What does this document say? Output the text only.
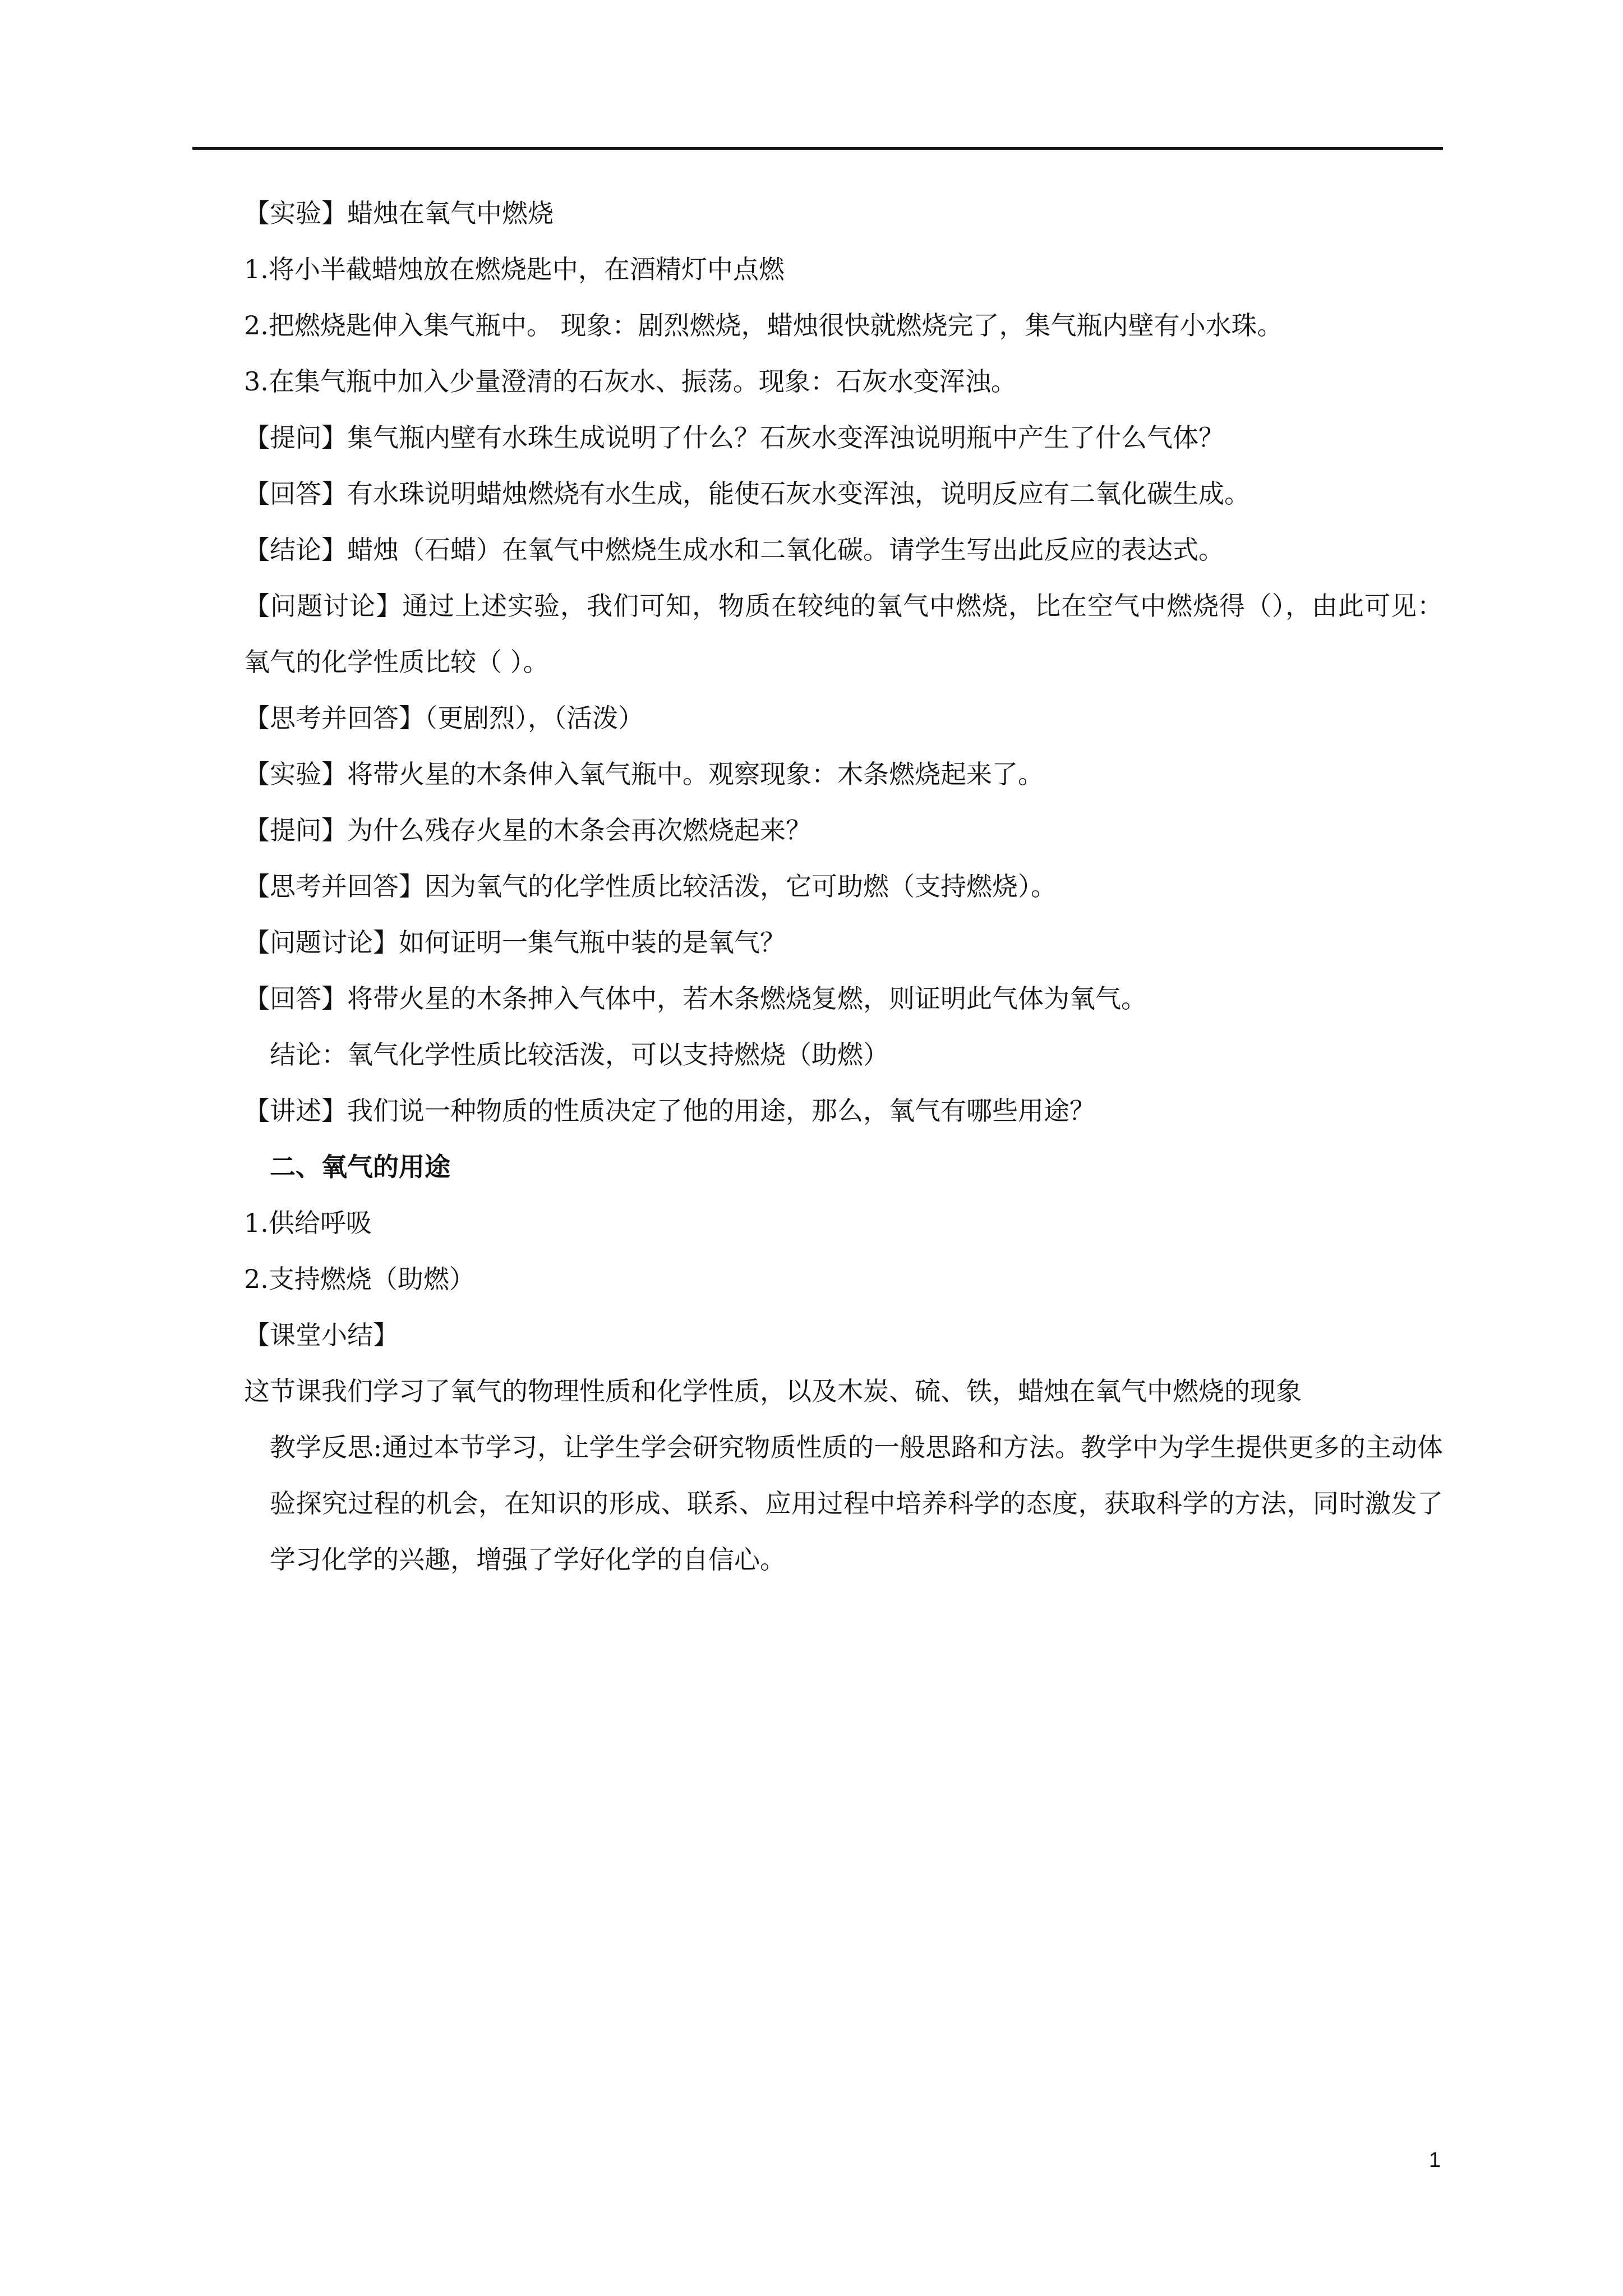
【实验】蜡烛在氧气中燃烧

1.将小半截蜡烛放在燃烧匙中，在酒精灯中点燃

2.把燃烧匙伸入集气瓶中。 现象：剧烈燃烧，蜡烛很快就燃烧完了，集气瓶内壁有小水珠。

3.在集气瓶中加入少量澄清的石灰水、振荡。现象：石灰水变浑浊。

【提问】集气瓶内壁有水珠生成说明了什么？石灰水变浑浊说明瓶中产生了什么气体？

【回答】有水珠说明蜡烛燃烧有水生成，能使石灰水变浑浊，说明反应有二氧化碳生成。

【结论】蜡烛（石蜡）在氧气中燃烧生成水和二氧化碳。请学生写出此反应的表达式。

【问题讨论】通过上述实验，我们可知，物质在较纯的氧气中燃烧，比在空气中燃烧得（），由此可见：氧气的化学性质比较（ ）。

【思考并回答】（更剧烈），（活泼）

【实验】将带火星的木条伸入氧气瓶中。观察现象：木条燃烧起来了。

【提问】为什么残存火星的木条会再次燃烧起来？

【思考并回答】因为氧气的化学性质比较活泼，它可助燃（支持燃烧）。

【问题讨论】如何证明一集气瓶中装的是氧气？

【回答】将带火星的木条抻入气体中，若木条燃烧复燃，则证明此气体为氧气。

结论：氧气化学性质比较活泼，可以支持燃烧（助燃）

【讲述】我们说一种物质的性质决定了他的用途，那么，氧气有哪些用途？

二、氧气的用途

1.供给呼吸

2.支持燃烧（助燃）

【课堂小结】

这节课我们学习了氧气的物理性质和化学性质，以及木炭、硫、铁，蜡烛在氧气中燃烧的现象

教学反思:通过本节学习，让学生学会研究物质性质的一般思路和方法。教学中为学生提供更多的主动体验探究过程的机会，在知识的形成、联系、应用过程中培养科学的态度，获取科学的方法，同时激发了学习化学的兴趣，增强了学好化学的自信心。

1
